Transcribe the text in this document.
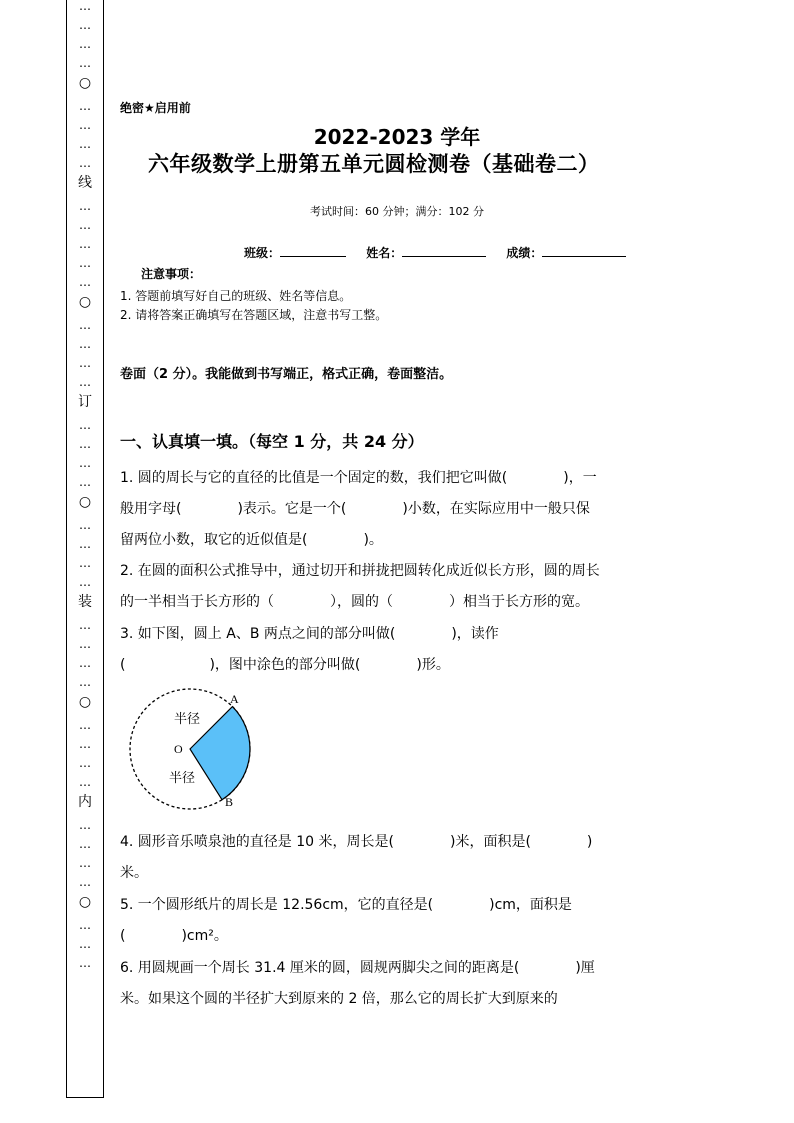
…
…
…
…
○
…
…
…
…
线
…
…
…
…
…
○
…
…
…
…
订
…
…
…
…
○
…
…
…
…
装
…
…
…
…
○
…
…
…
…
内
…
…
…
…
○
…
…
…
绝密★启用前
2022-2023 学年
六年级数学上册第五单元圆检测卷（基础卷二）
考试时间：60 分钟；满分：102 分
班级：	姓名：	成绩：
注意事项：
1. 答题前填写好自己的班级、姓名等信息。
2. 请将答案正确填写在答题区域，注意书写工整。
卷面（2 分）。我能做到书写端正，格式正确，卷面整洁。
一、认真填一填。（每空 1 分，共 24 分）
1. 圆的周长与它的直径的比值是一个固定的数，我们把它叫做(　　　　)，一
般用字母(　　　　)表示。它是一个(　　　　)小数，在实际应用中一般只保
留两位小数，取它的近似值是(　　　　)。
2. 在圆的面积公式推导中，通过切开和拼拢把圆转化成近似长方形，圆的周长
的一半相当于长方形的（　　　　），圆的（　　　　）相当于长方形的宽。
3. 如下图，圆上 A、B 两点之间的部分叫做(　　　　)，读作
(　　　　　　)，图中涂色的部分叫做(　　　　)形。
A
B
O
半径
半径
4. 圆形音乐喷泉池的直径是 10 米，周长是(　　　　)米，面积是(　　　　)
米。
5. 一个圆形纸片的周长是 12.56cm，它的直径是(　　　　)cm，面积是
(　　　　)cm²。
6. 用圆规画一个周长 31.4 厘米的圆，圆规两脚尖之间的距离是(　　　　)厘
米。如果这个圆的半径扩大到原来的 2 倍，那么它的周长扩大到原来的
